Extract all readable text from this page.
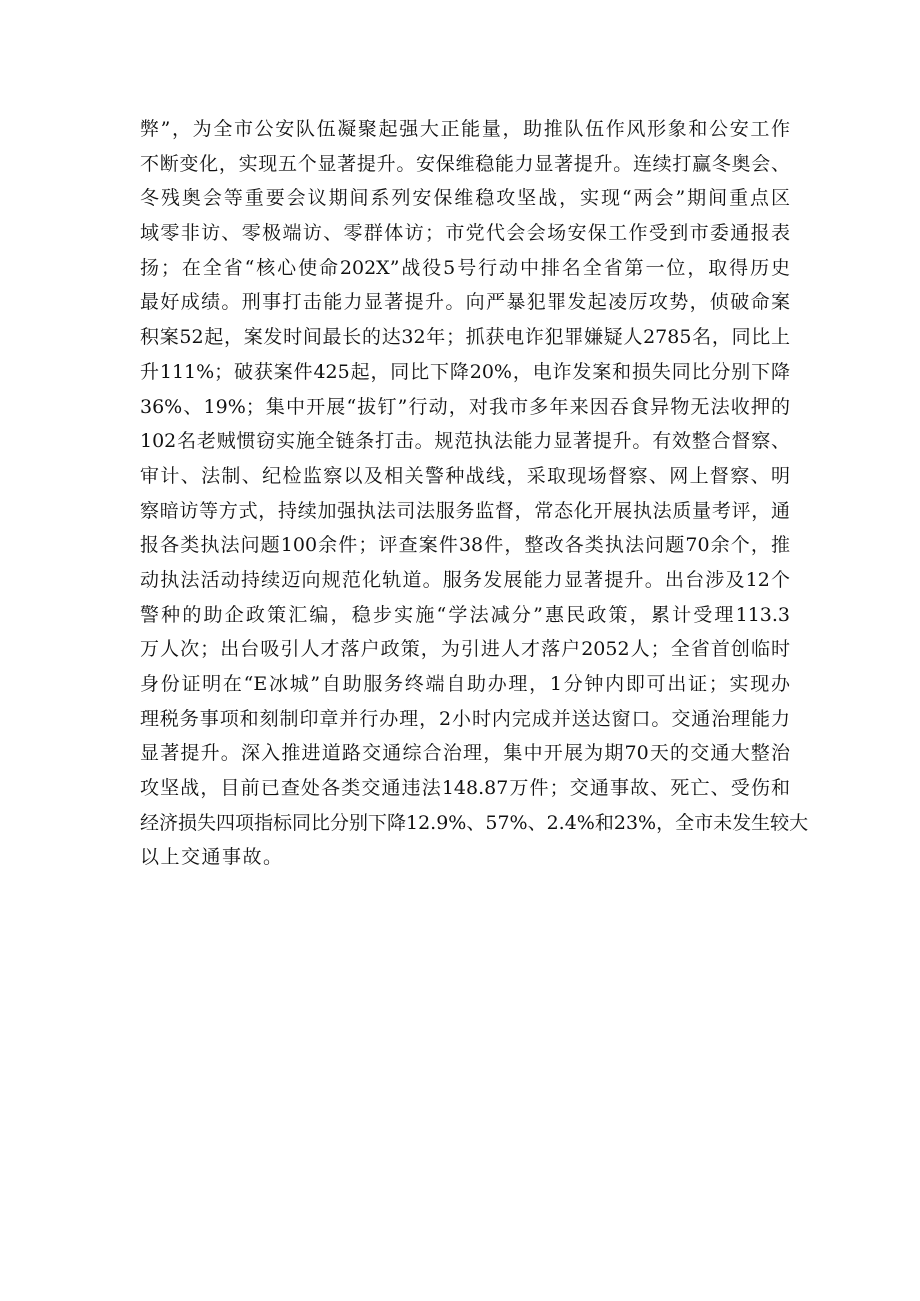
弊”，为全市公安队伍凝聚起强大正能量，助推队伍作风形象和公安工作
不断变化，实现五个显著提升。安保维稳能力显著提升。连续打赢冬奥会、
冬残奥会等重要会议期间系列安保维稳攻坚战，实现“两会”期间重点区
域零非访、零极端访、零群体访；市党代会会场安保工作受到市委通报表
扬；在全省“核心使命202X”战役5号行动中排名全省第一位，取得历史
最好成绩。刑事打击能力显著提升。向严暴犯罪发起凌厉攻势，侦破命案
积案52起，案发时间最长的达32年；抓获电诈犯罪嫌疑人2785名，同比上
升111%；破获案件425起，同比下降20%，电诈发案和损失同比分别下降
36%、19%；集中开展“拔钉”行动，对我市多年来因吞食异物无法收押的
102名老贼惯窃实施全链条打击。规范执法能力显著提升。有效整合督察、
审计、法制、纪检监察以及相关警种战线，采取现场督察、网上督察、明
察暗访等方式，持续加强执法司法服务监督，常态化开展执法质量考评，通
报各类执法问题100余件；评查案件38件，整改各类执法问题70余个，推
动执法活动持续迈向规范化轨道。服务发展能力显著提升。出台涉及12个
警种的助企政策汇编，稳步实施“学法减分”惠民政策，累计受理113.3
万人次；出台吸引人才落户政策，为引进人才落户2052人；全省首创临时
身份证明在“E冰城”自助服务终端自助办理，1分钟内即可出证；实现办
理税务事项和刻制印章并行办理，2小时内完成并送达窗口。交通治理能力
显著提升。深入推进道路交通综合治理，集中开展为期70天的交通大整治
攻坚战，目前已查处各类交通违法148.87万件；交通事故、死亡、受伤和
经济损失四项指标同比分别下降12.9%、57%、2.4%和23%，全市未发生较大
以上交通事故。
